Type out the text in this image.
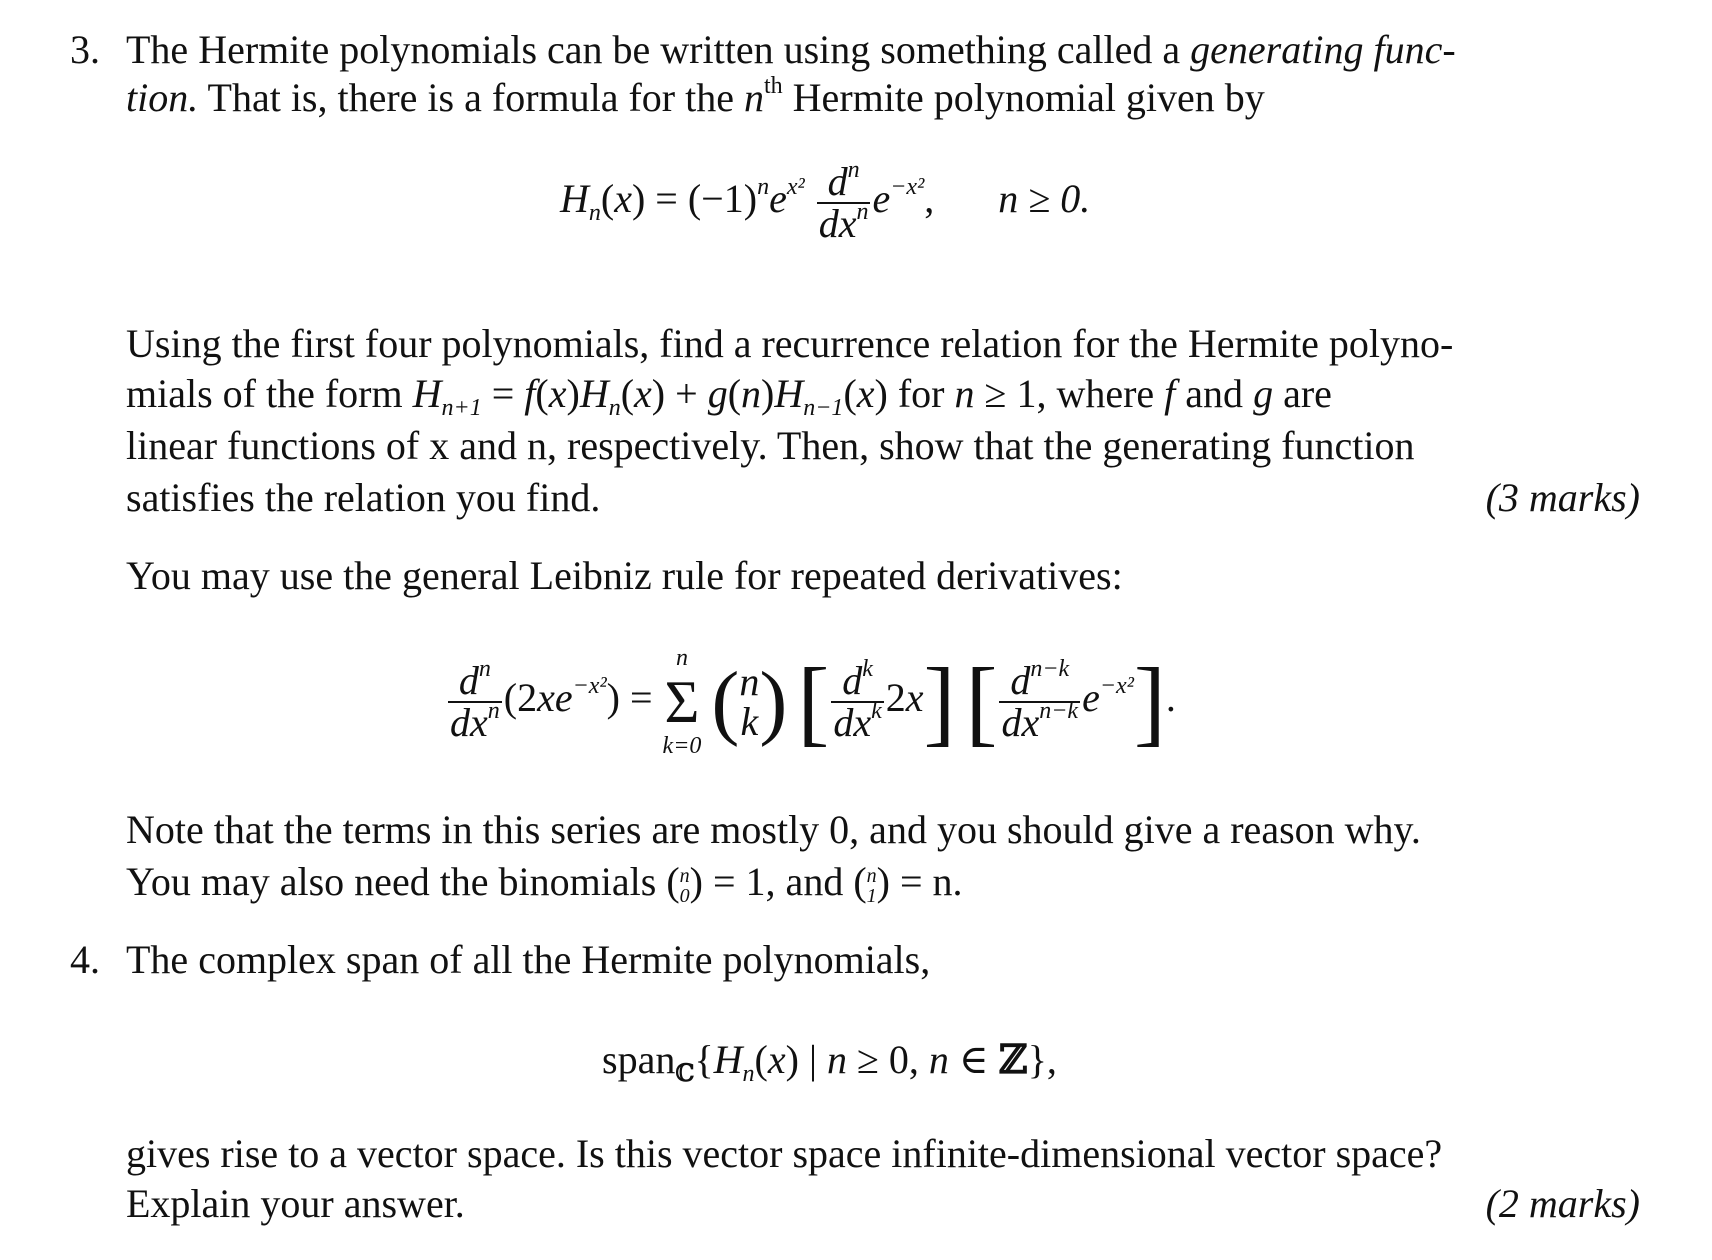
3. The Hermite polynomials can be written using something called a generating func-
tion. That is, there is a formula for the $n^{th}$ Hermite polynomial given by
$H_n(x) = (-1)^ne^{x^2} \frac{d^n}{dx^n} e^{-x^2}$,  n ≥ 0.
Using the first four polynomials, find a recurrence relation for the Hermite polyno-
mials of the form $H_{n+1} = f(x)H_n(x) + g(n)H_{n-1}(x)$ for n ≥ 1, where f and g are
linear functions of x and n, respectively. Then, show that the generating function
satisfies the relation you find.	(3 marks)
You may use the general Leibniz rule for repeated derivatives:
$\frac{d^n}{dx^n} (2xe^{-x^2})$ =
n
Σ
k=0 ( n
k ) [ $\frac{d^k}{dx^k} 2x$] [ $\frac{d^{n-k}}{dx^{n-k}} e^{-x^2}$].
Note that the terms in this series are mostly 0, and you should give a reason why.
You may also need the binomials ( n
0 ) = 1, and ( n
1 ) = n.
4. The complex span of all the Hermite polynomials,
$span_ℂ\{H_n(x)$ | n ≥ 0, n ∈ ℤ},
gives rise to a vector space. Is this vector space infinite-dimensional vector space?
Explain your answer.	(2 marks)
